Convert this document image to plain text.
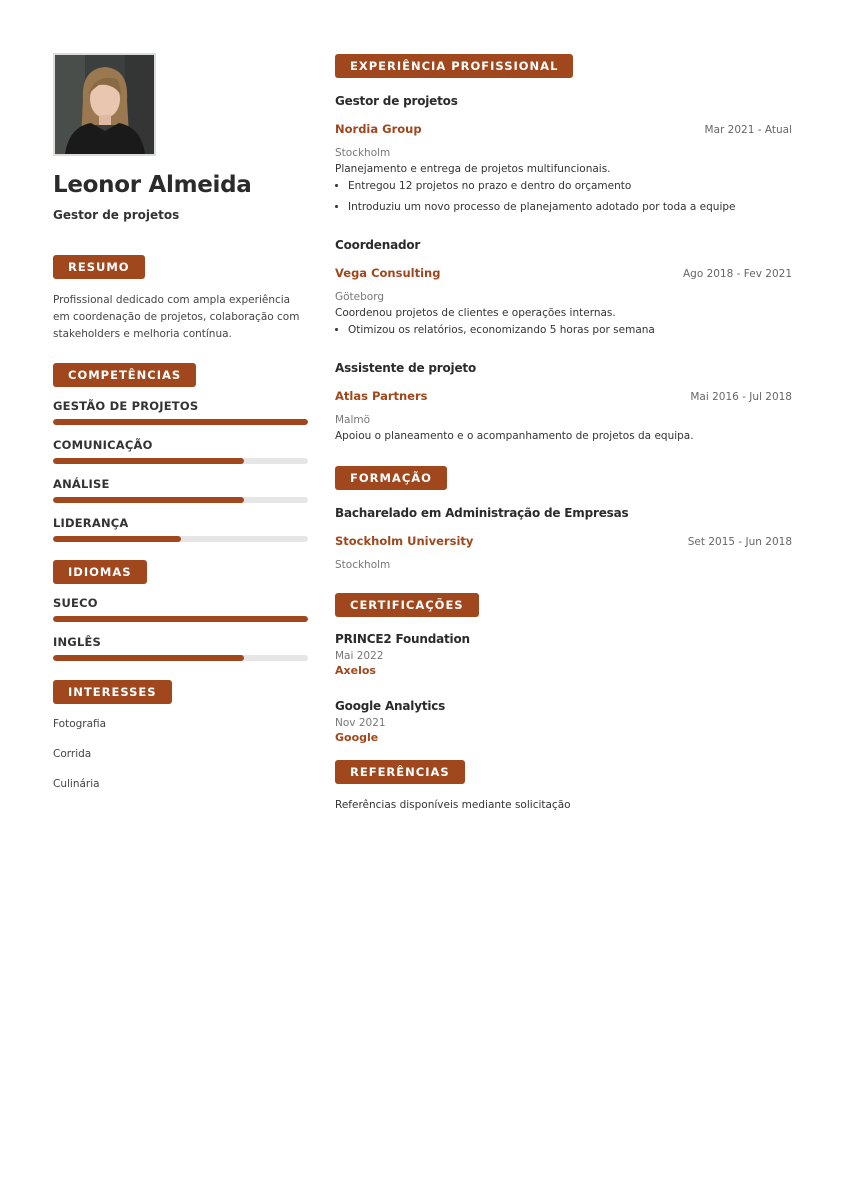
Leonor Almeida
Gestor de projetos
RESUMO
Profissional dedicado com ampla experiência em coordenação de projetos, colaboração com stakeholders e melhoria contínua.
COMPETÊNCIAS
GESTÃO DE PROJETOS
COMUNICAÇÃO
ANÁLISE
LIDERANÇA
IDIOMAS
SUECO
INGLÊS
INTERESSES
Fotografia
Corrida
Culinária
EXPERIÊNCIA PROFISSIONAL
Gestor de projetos
Nordia Group	Mar 2021 - Atual
Stockholm
Planejamento e entrega de projetos multifuncionais.
• Entregou 12 projetos no prazo e dentro do orçamento
• Introduziu um novo processo de planejamento adotado por toda a equipe
Coordenador
Vega Consulting	Ago 2018 - Fev 2021
Göteborg
Coordenou projetos de clientes e operações internas.
• Otimizou os relatórios, economizando 5 horas por semana
Assistente de projeto
Atlas Partners	Mai 2016 - Jul 2018
Malmö
Apoiou o planeamento e o acompanhamento de projetos da equipa.
FORMAÇÃO
Bacharelado em Administração de Empresas
Stockholm University	Set 2015 - Jun 2018
Stockholm
CERTIFICAÇÕES
PRINCE2 Foundation
Mai 2022
Axelos
Google Analytics
Nov 2021
Google
REFERÊNCIAS
Referências disponíveis mediante solicitação
